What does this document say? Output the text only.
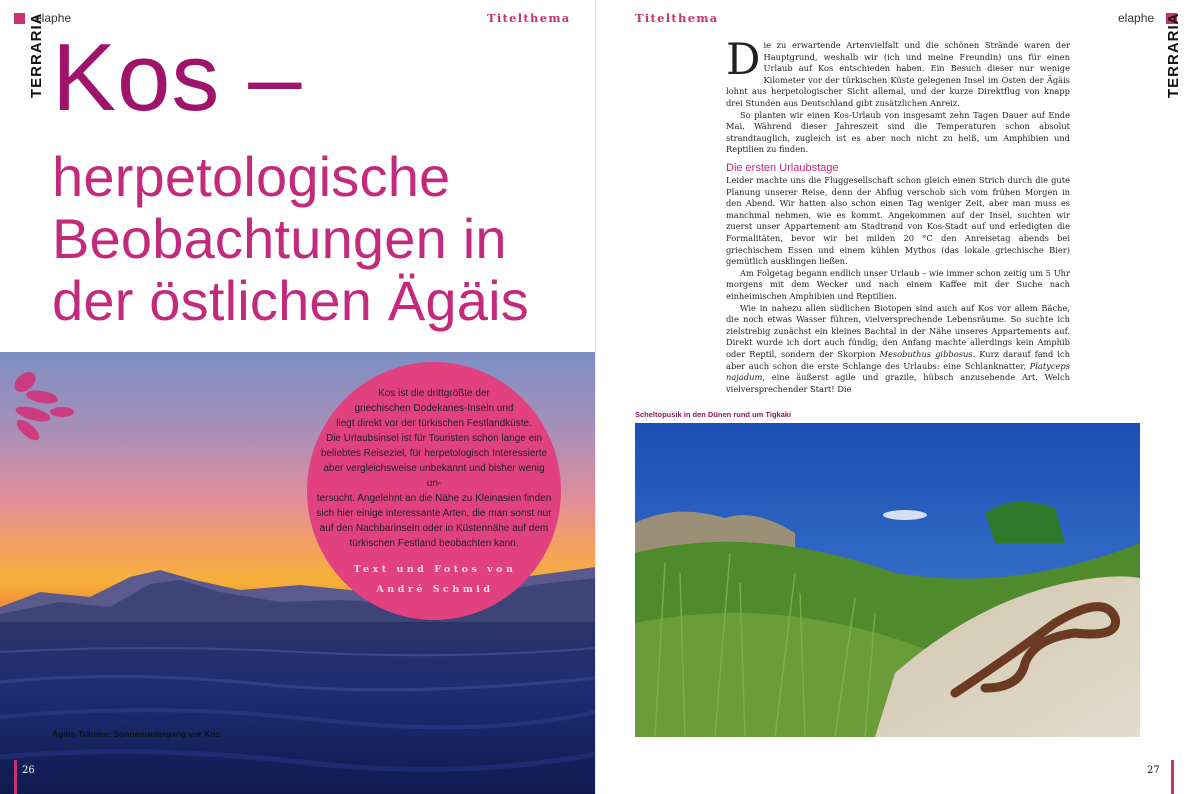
elaphe	Titelthema
TERRARIA Kos –
herpetologische
Beobachtungen in
der östlichen Ägäis
Ägäis-Träume: Sonnenuntergang vor Kos
Kos ist die drittgrößte der
griechischen Dodekanes-Inseln und
liegt direkt vor der türkischen Festlandküste.
Die Urlaubsinsel ist für Touristen schon lange ein
beliebtes Reiseziel, für herpetologisch Interessierte
aber vergleichsweise unbekannt und bisher wenig un-
tersucht. Angelehnt an die Nähe zu Kleinasien finden
sich hier einige interessante Arten, die man sonst nur
auf den Nachbarinseln oder in Küstennähe auf dem
türkischen Festland beobachten kann.
Text und Fotos von
André Schmid
26
Titelthema	elaphe TERRARIA

Die zu erwartende Artenvielfalt und die schönen Strände waren der Hauptgrund, weshalb wir (ich und meine Freundin) uns für einen Urlaub auf Kos entschieden haben. Ein Besuch dieser nur wenige Kilometer vor der türkischen Küste gelegenen Insel im Osten der Ägäis lohnt aus herpetologischer Sicht allemal, und der kurze Direktflug von knapp drei Stunden aus Deutschland gibt zusätzlichen Anreiz.

So planten wir einen Kos-Urlaub von insgesamt zehn Tagen Dauer auf Ende Mai. Während dieser Jahreszeit sind die Temperaturen schon absolut strandtauglich, zugleich ist es aber noch nicht zu heiß, um Amphibien und Reptilien zu finden.

Die ersten Urlaubstage

Leider machte uns die Fluggesellschaft schon gleich einen Strich durch die gute Planung unserer Reise, denn der Abflug verschob sich vom frühen Morgen in den Abend. Wir hatten also schon einen Tag weniger Zeit, aber man muss es manchmal nehmen, wie es kommt. Angekommen auf der Insel, suchten wir zuerst unser Appartement am Stadtrand von Kos-Stadt auf und erledigten die Formalitäten, bevor wir bei milden 20 °C den Anreisetag abends bei griechischem Essen und einem kühlen Mythos (das lokale griechische Bier) gemütlich ausklingen ließen.

Am Folgetag begann endlich unser Urlaub – wie immer schon zeitig um 5 Uhr morgens mit dem Wecker und nach einem Kaffee mit der Suche nach einheimischen Amphibien und Reptilien.

Wie in nahezu allen südlichen Biotopen sind auch auf Kos vor allem Bäche, die noch etwas Wasser führen, vielversprechende Lebensräume. So suchte ich zielstrebig zunächst ein kleines Bachtal in der Nähe unseres Appartements auf. Direkt wurde ich dort auch fündig; den Anfang machte allerdings kein Amphib oder Reptil, sondern der Skorpion Mesobuthus gibbosus. Kurz darauf fand ich aber auch schon die erste Schlange des Urlaubs: eine Schlanknatter, Platyceps najadum, eine äußerst agile und grazile, hübsch anzusehende Art. Welch vielversprechender Start! Die

Scheltopusik in den Dünen rund um Tigkaki
27
